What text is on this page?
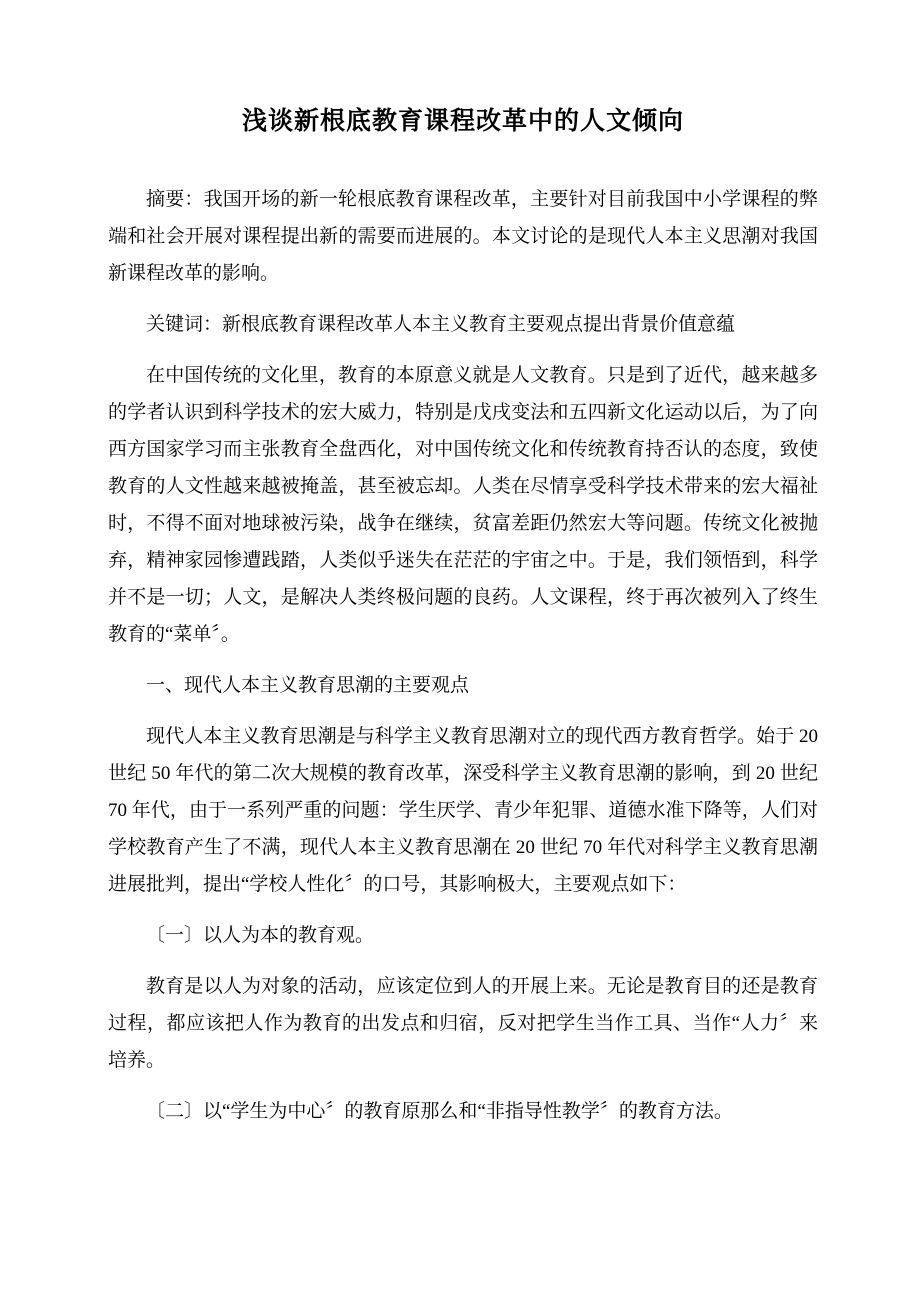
浅谈新根底教育课程改革中的人文倾向

摘要：我国开场的新一轮根底教育课程改革，主要针对目前我国中小学课程的弊端和社会开展对课程提出新的需要而进展的。本文讨论的是现代人本主义思潮对我国新课程改革的影响。

关键词：新根底教育课程改革人本主义教育主要观点提出背景价值意蕴

在中国传统的文化里，教育的本原意义就是人文教育。只是到了近代，越来越多的学者认识到科学技术的宏大威力，特别是戊戌变法和五四新文化运动以后，为了向西方国家学习而主张教育全盘西化，对中国传统文化和传统教育持否认的态度，致使教育的人文性越来越被掩盖，甚至被忘却。人类在尽情享受科学技术带来的宏大福祉时，不得不面对地球被污染，战争在继续，贫富差距仍然宏大等问题。传统文化被抛弃，精神家园惨遭践踏，人类似乎迷失在茫茫的宇宙之中。于是，我们领悟到，科学并不是一切；人文，是解决人类终极问题的良药。人文课程，终于再次被列入了终生教育的“菜单〞。

一、现代人本主义教育思潮的主要观点

现代人本主义教育思潮是与科学主义教育思潮对立的现代西方教育哲学。始于 20 世纪 50 年代的第二次大规模的教育改革，深受科学主义教育思潮的影响，到 20 世纪 70 年代，由于一系列严重的问题：学生厌学、青少年犯罪、道德水准下降等，人们对学校教育产生了不满，现代人本主义教育思潮在 20 世纪 70 年代对科学主义教育思潮进展批判，提出“学校人性化〞的口号，其影响极大，主要观点如下：

〔一〕以人为本的教育观。

教育是以人为对象的活动，应该定位到人的开展上来。无论是教育目的还是教育过程，都应该把人作为教育的出发点和归宿，反对把学生当作工具、当作“人力〞来培养。

〔二〕以“学生为中心〞的教育原那么和“非指导性教学〞的教育方法。
